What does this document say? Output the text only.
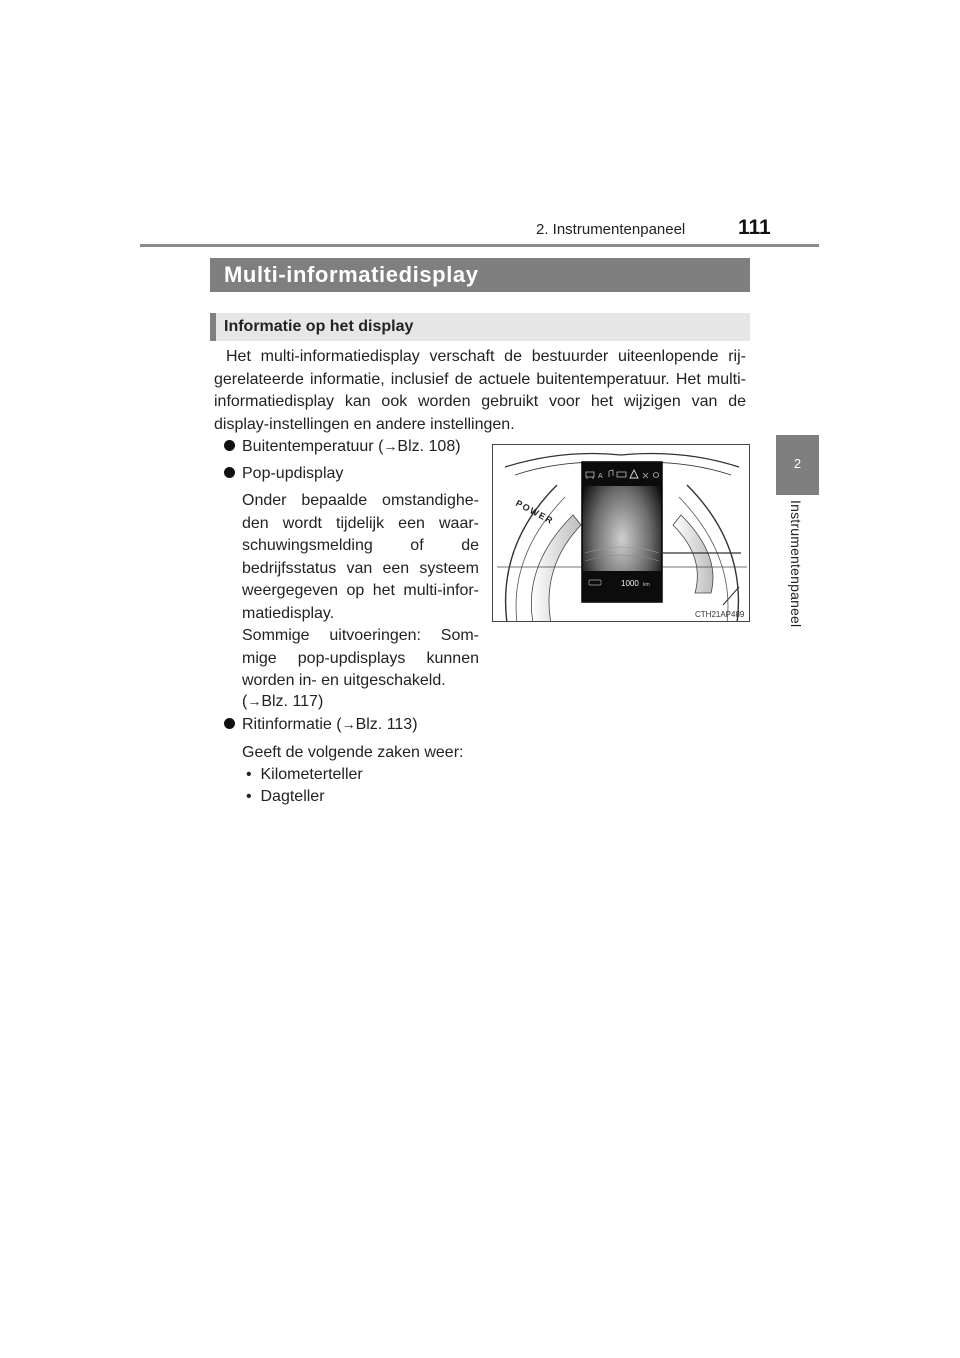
2. Instrumentenpaneel	111
2
Instrumentenpaneel
Multi-informatiedisplay
Informatie op het display

Het multi-informatiedisplay verschaft de bestuurder uiteenlopende rij-gerelateerde informatie, inclusief de actuele buitentemperatuur. Het multi-informatiedisplay kan ook worden gebruikt voor het wijzigen van de display-instellingen en andere instellingen.

Buitentemperatuur (→Blz. 108)
Pop-updisplay

Onder bepaalde omstandighe-den wordt tijdelijk een waar-schuwingsmelding of de bedrijfsstatus van een systeem weergegeven op het multi-infor-matiedisplay.

Sommige uitvoeringen: Som-mige pop-updisplays kunnen worden in- en uitgeschakeld.

(→Blz. 117)
Ritinformatie (→Blz. 113)
Geeft de volgende zaken weer:
• Kilometerteller
• Dagteller
POWER
A
1000 km
CTH21AP489
